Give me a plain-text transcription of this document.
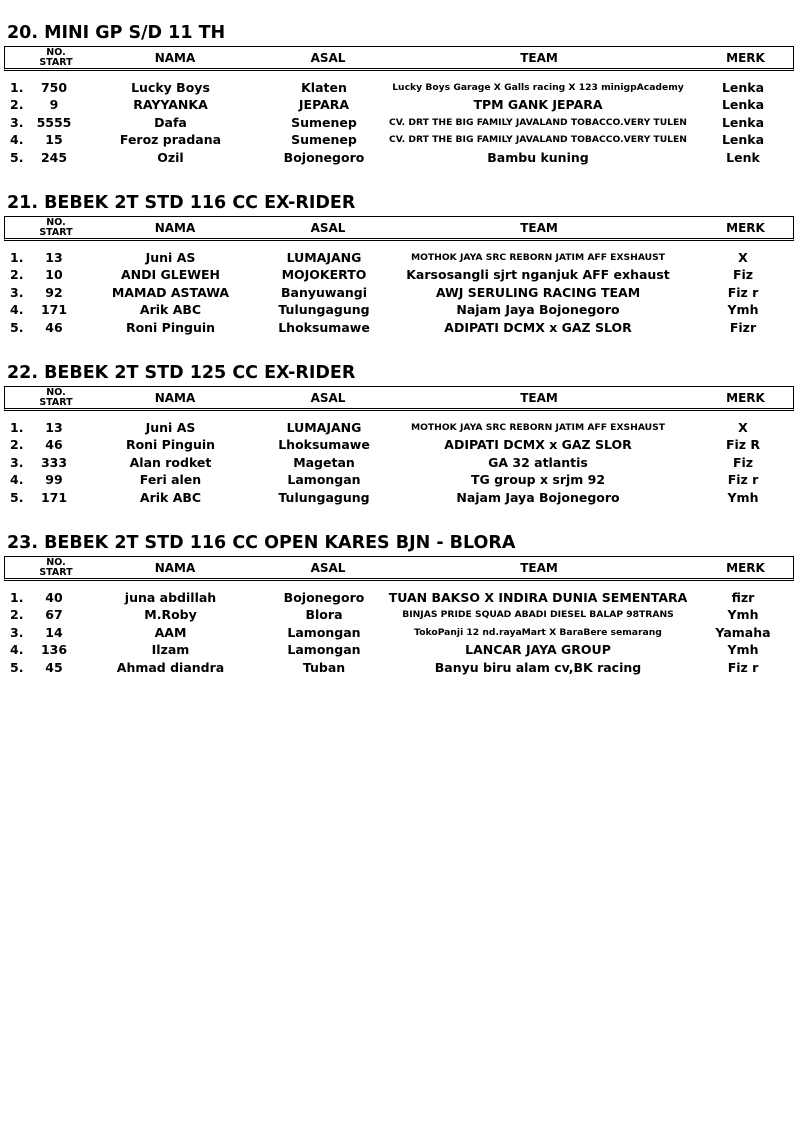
20. MINI GP S/D 11 TH
NO. START	NAMA	ASAL	TEAM	MERK
1.	750	Lucky Boys	Klaten	Lucky Boys Garage X Galls racing X 123 minigpAcademy	Lenka
2.	9	RAYYANKA	JEPARA	TPM GANK JEPARA	Lenka
3.	5555	Dafa	Sumenep	CV. DRT THE BIG FAMILY JAVALAND TOBACCO.VERY TULEN	Lenka
4.	15	Feroz pradana	Sumenep	CV. DRT THE BIG FAMILY JAVALAND TOBACCO.VERY TULEN	Lenka
5.	245	Ozil	Bojonegoro	Bambu kuning	Lenk
21. BEBEK 2T STD 116 CC EX-RIDER
NO. START	NAMA	ASAL	TEAM	MERK
1.	13	Juni AS	LUMAJANG	MOTHOK JAYA SRC REBORN JATIM AFF EXSHAUST	X
2.	10	ANDI GLEWEH	MOJOKERTO	Karsosangli sjrt nganjuk AFF exhaust	Fiz
3.	92	MAMAD ASTAWA	Banyuwangi	AWJ SERULING RACING TEAM	Fiz r
4.	171	Arik ABC	Tulungagung	Najam Jaya Bojonegoro	Ymh
5.	46	Roni Pinguin	Lhoksumawe	ADIPATI DCMX x GAZ SLOR	Fizr
22. BEBEK 2T STD 125 CC EX-RIDER
NO. START	NAMA	ASAL	TEAM	MERK
1.	13	Juni AS	LUMAJANG	MOTHOK JAYA SRC REBORN JATIM AFF EXSHAUST	X
2.	46	Roni Pinguin	Lhoksumawe	ADIPATI DCMX x GAZ SLOR	Fiz R
3.	333	Alan rodket	Magetan	GA 32 atlantis	Fiz
4.	99	Feri alen	Lamongan	TG group x srjm 92	Fiz r
5.	171	Arik ABC	Tulungagung	Najam Jaya Bojonegoro	Ymh
23. BEBEK 2T STD 116 CC OPEN KARES BJN - BLORA
NO. START	NAMA	ASAL	TEAM	MERK
1.	40	juna abdillah	Bojonegoro	TUAN BAKSO X INDIRA DUNIA SEMENTARA	fizr
2.	67	M.Roby	Blora	BINJAS PRIDE SQUAD ABADI DIESEL BALAP 98TRANS	Ymh
3.	14	AAM	Lamongan	TokoPanji 12 nd.rayaMart X BaraBere semarang	Yamaha
4.	136	Ilzam	Lamongan	LANCAR JAYA GROUP	Ymh
5.	45	Ahmad diandra	Tuban	Banyu biru alam cv,BK racing	Fiz r
